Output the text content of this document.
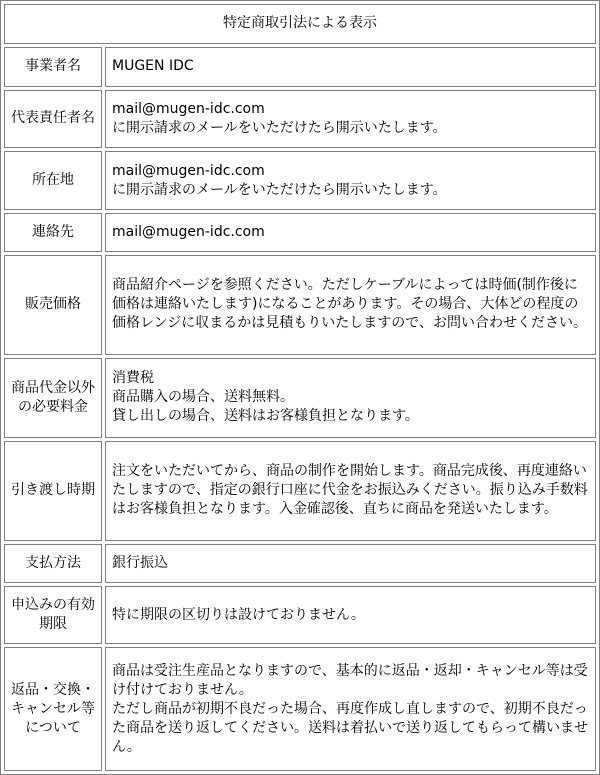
特定商取引法による表示	
事業者名	MUGEN IDC

代表責任者名	mail@mugen-idc.com
に開示請求のメールをいただけたら開示いたします。

所在地	mail@mugen-idc.com
に開示請求のメールをいただけたら開示いたします。

連絡先	mail@mugen-idc.com

販売価格	商品紹介ページを参照ください。ただしケーブルによっては時価(制作後に価格は連絡いたします)になることがあります。その場合、大体どの程度の価格レンジに収まるかは見積もりいたしますので、お問い合わせください。

商品代金以外の必要料金	消費税
商品購入の場合、送料無料。
貸し出しの場合、送料はお客様負担となります。

引き渡し時期	注文をいただいてから、商品の制作を開始します。商品完成後、再度連絡いたしますので、指定の銀行口座に代金をお振込みください。振り込み手数料はお客様負担となります。入金確認後、直ちに商品を発送いたします。

支払方法	銀行振込

申込みの有効期限	特に期限の区切りは設けておりません。

返品・交換・キャンセル等について	商品は受注生産品となりますので、基本的に返品・返却・キャンセル等は受け付けておりません。
ただし商品が初期不良だった場合、再度作成し直しますので、初期不良だった商品を送り返してください。送料は着払いで送り返してもらって構いません。
